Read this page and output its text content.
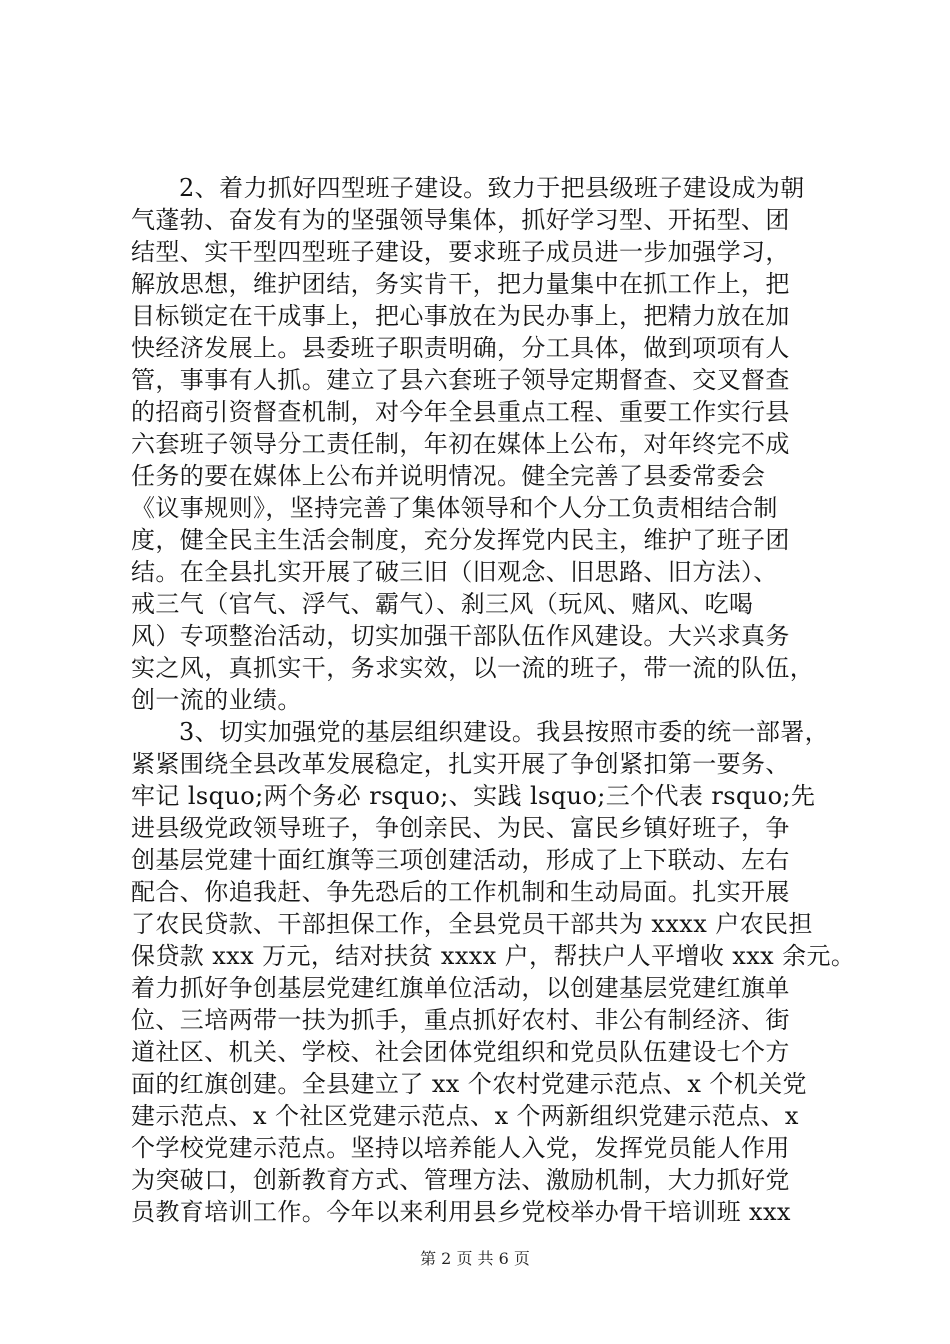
2、着力抓好四型班子建设。致力于把县级班子建设成为朝
气蓬勃、奋发有为的坚强领导集体，抓好学习型、开拓型、团
结型、实干型四型班子建设，要求班子成员进一步加强学习，
解放思想，维护团结，务实肯干，把力量集中在抓工作上，把
目标锁定在干成事上，把心事放在为民办事上，把精力放在加
快经济发展上。县委班子职责明确，分工具体，做到项项有人
管，事事有人抓。建立了县六套班子领导定期督查、交叉督查
的招商引资督查机制，对今年全县重点工程、重要工作实行县
六套班子领导分工责任制，年初在媒体上公布，对年终完不成
任务的要在媒体上公布并说明情况。健全完善了县委常委会
《议事规则》，坚持完善了集体领导和个人分工负责相结合制
度，健全民主生活会制度，充分发挥党内民主，维护了班子团
结。在全县扎实开展了破三旧（旧观念、旧思路、旧方法）、
戒三气（官气、浮气、霸气）、刹三风（玩风、赌风、吃喝
风）专项整治活动，切实加强干部队伍作风建设。大兴求真务
实之风，真抓实干，务求实效，以一流的班子，带一流的队伍，
创一流的业绩。
3、切实加强党的基层组织建设。我县按照市委的统一部署，
紧紧围绕全县改革发展稳定，扎实开展了争创紧扣第一要务、
牢记 lsquo;两个务必 rsquo;、实践 lsquo;三个代表 rsquo;先
进县级党政领导班子，争创亲民、为民、富民乡镇好班子，争
创基层党建十面红旗等三项创建活动，形成了上下联动、左右
配合、你追我赶、争先恐后的工作机制和生动局面。扎实开展
了农民贷款、干部担保工作，全县党员干部共为 xxxx 户农民担
保贷款 xxx 万元，结对扶贫 xxxx 户，帮扶户人平增收 xxx 余元。
着力抓好争创基层党建红旗单位活动，以创建基层党建红旗单
位、三培两带一扶为抓手，重点抓好农村、非公有制经济、街
道社区、机关、学校、社会团体党组织和党员队伍建设七个方
面的红旗创建。全县建立了 xx 个农村党建示范点、x 个机关党
建示范点、x 个社区党建示范点、x 个两新组织党建示范点、x
个学校党建示范点。坚持以培养能人入党，发挥党员能人作用
为突破口，创新教育方式、管理方法、激励机制，大力抓好党
员教育培训工作。今年以来利用县乡党校举办骨干培训班 xxx
第 2 页 共 6 页
